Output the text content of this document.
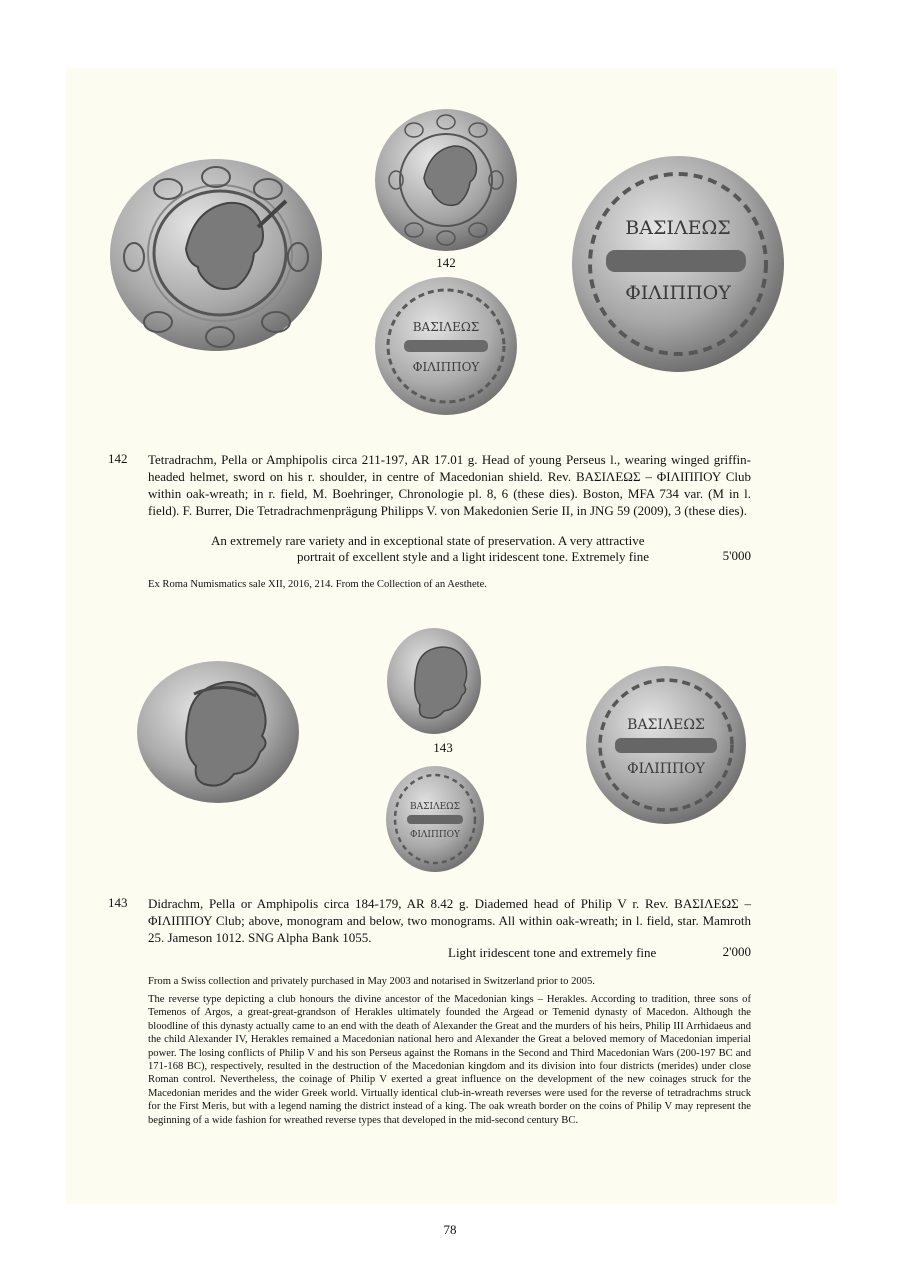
142
ΒΑΣΙΛΕΩΣ
ΦΙΛΙΠΠΟΥ
ΒΑΣΙΛΕΩΣ
ΦΙΛΙΠΠΟΥ
142 Tetradrachm, Pella or Amphipolis circa 211-197, AR 17.01 g. Head of young Perseus l., wearing winged griffin-headed helmet, sword on his r. shoulder, in centre of Macedonian shield. Rev. ΒΑΣΙΛΕΩΣ – ΦΙΛΙΠΠΟΥ Club within oak-wreath; in r. field, M. Boehringer, Chronologie pl. 8, 6 (these dies). Boston, MFA 734 var. (M in l. field). F. Burrer, Die Tetradrachmenprägung Philipps V. von Makedonien Serie II, in JNG 59 (2009), 3 (these dies).

An extremely rare variety and in exceptional state of preservation. A very attractive
portrait of excellent style and a light iridescent tone. Extremely fine	5'000

Ex Roma Numismatics sale XII, 2016, 214. From the Collection of an Aesthete.

143
ΒΑΣΙΛΕΩΣ
ΦΙΛΙΠΠΟΥ
ΒΑΣΙΛΕΩΣ
ΦΙΛΙΠΠΟΥ
143 Didrachm, Pella or Amphipolis circa 184-179, AR 8.42 g. Diademed head of Philip V r. Rev. ΒΑΣΙΛΕΩΣ – ΦΙΛΙΠΠΟΥ Club; above, monogram and below, two monograms. All within oak-wreath; in l. field, star. Mamroth 25. Jameson 1012. SNG Alpha Bank 1055.

Light iridescent tone and extremely fine	2'000

From a Swiss collection and privately purchased in May 2003 and notarised in Switzerland prior to 2005.

The reverse type depicting a club honours the divine ancestor of the Macedonian kings – Herakles. According to tradition, three sons of Temenos of Argos, a great-great-grandson of Herakles ultimately founded the Argead or Temenid dynasty of Macedon. Although the bloodline of this dynasty actually came to an end with the death of Alexander the Great and the murders of his heirs, Philip III Arrhidaeus and the child Alexander IV, Herakles remained a Macedonian national hero and Alexander the Great a beloved memory of Macedonian imperial power. The losing conflicts of Philip V and his son Perseus against the Romans in the Second and Third Macedonian Wars (200-197 BC and 171-168 BC), respectively, resulted in the destruction of the Macedonian kingdom and its division into four districts (merides) under close Roman control. Nevertheless, the coinage of Philip V exerted a great influence on the development of the new coinages struck for the Macedonian merides and the wider Greek world. Virtually identical club-in-wreath reverses were used for the reverse of tetradrachms struck for the First Meris, but with a legend naming the district instead of a king. The oak wreath border on the coins of Philip V may represent the beginning of a wide fashion for wreathed reverse types that developed in the mid-second century BC.

78
